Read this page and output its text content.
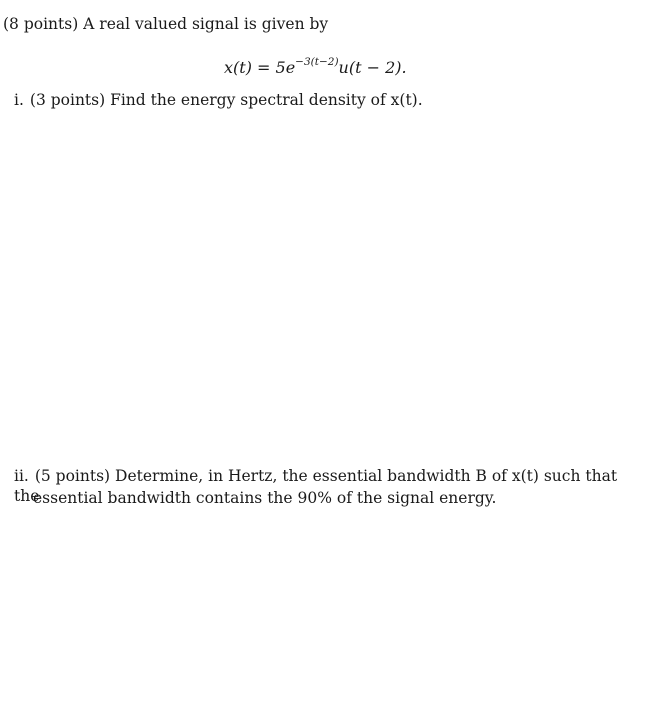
(8 points) A real valued signal is given by
$x(t) = 5e^{-3(t-2)}u(t - 2)$.
i. (3 points) Find the energy spectral density of x(t).
ii. (5 points) Determine, in Hertz, the essential bandwidth B of x(t) such that the
essential bandwidth contains the 90% of the signal energy.
